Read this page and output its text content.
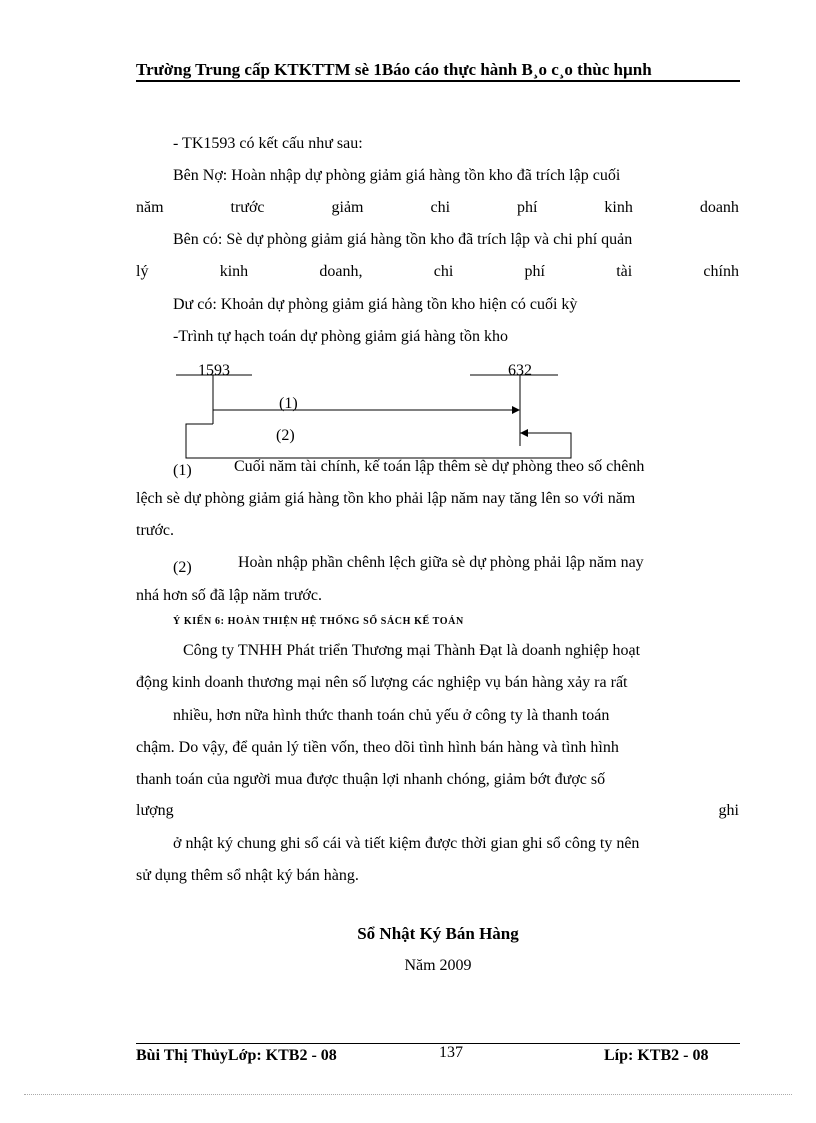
Trường Trung cấp KTKTTM sè 1Báo cáo thực hành B¸o c¸o thùc hµnh
- TK1593 có kết cấu như sau:
Bên Nợ: Hoàn nhập dự phòng giảm giá hàng tồn kho đã trích lập cuối
năm	trước	giảm	chi	phí	kinh	doanh
Bên có: Sè dự phòng giảm giá hàng tồn kho đã trích lập và chi phí quản
lý	kinh	doanh,	chi	phí	tài	chính
Dư có: Khoản dự phòng giảm giá hàng tồn kho hiện có cuối kỳ
-Trình tự hạch toán dự phòng giảm giá hàng tồn kho
1593	632
(1)
(2)
(1)	Cuối năm tài chính, kế toán lập thêm sè dự phòng theo số chênh
lệch sè dự phòng giảm giá hàng tồn kho phải lập năm nay tăng lên so với năm
trước.
(2)	Hoàn nhập phần chênh lệch giữa sè dự phòng phải lập năm nay
nhá hơn số đã lập năm trước.
Ý KIẾN 6: HOÀN THIỆN HỆ THỐNG SỔ SÁCH KẾ TOÁN
Công ty TNHH Phát triển Thương mại Thành Đạt là doanh nghiệp hoạt
động kinh doanh thương mại nên số lượng các nghiệp vụ bán hàng xảy ra rất
nhiều, hơn nữa hình thức thanh toán chủ yếu ở công ty là thanh toán
chậm. Do vậy, để quản lý tiền vốn, theo dõi tình hình bán hàng và tình hình
thanh toán của người mua được thuận lợi nhanh chóng, giảm bớt được số
lượng	ghi
ở nhật ký chung ghi sổ cái và tiết kiệm được thời gian ghi sổ công ty nên
sử dụng thêm sổ nhật ký bán hàng.
Sổ Nhật Ký Bán Hàng
Năm 2009
Bùi Thị ThủyLớp: KTB2 - 08	137	Líp: KTB2 - 08
